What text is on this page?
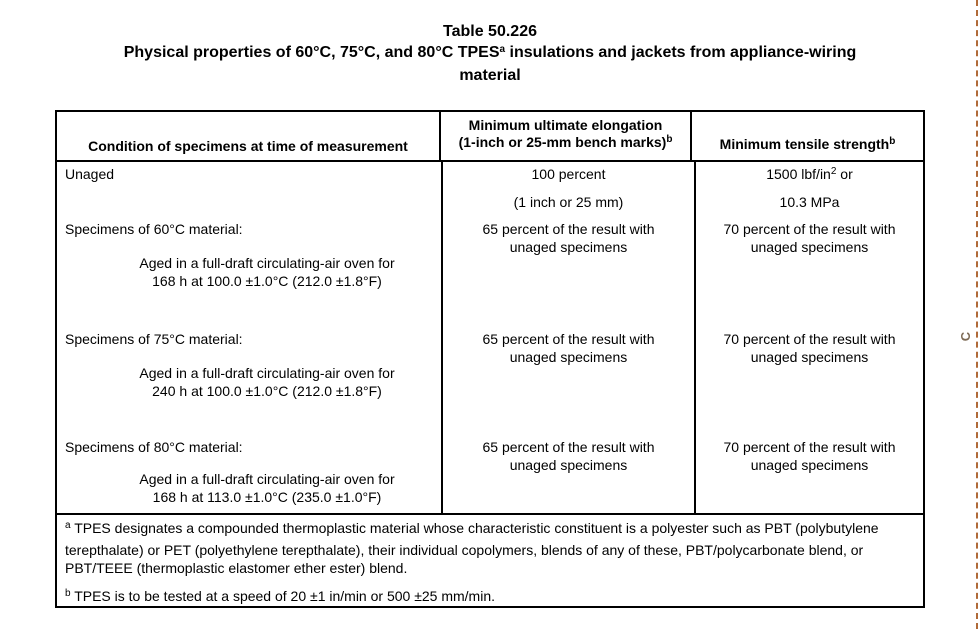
Table 50.226
Physical properties of 60°C, 75°C, and 80°C TPES$^a$ insulations and jackets from appliance-wiring
material
Condition of specimens at time of measurement
Minimum ultimate elongation
(1-inch or 25-mm bench marks)$^b$	Minimum tensile strength$^b$
Unaged	100 percent
(1 inch or 25 mm)
1500 lbf/$in^2$ or
10.3 MPa
Specimens of 60°C material:
Aged in a full-draft circulating-air oven for
168 h at 100.0 ±1.0°C (212.0 ±1.8°F)
65 percent of the result with
unaged specimens
70 percent of the result with
unaged specimens
Specimens of 75°C material:
Aged in a full-draft circulating-air oven for
240 h at 100.0 ±1.0°C (212.0 ±1.8°F)
65 percent of the result with
unaged specimens
70 percent of the result with
unaged specimens
Specimens of 80°C material:
Aged in a full-draft circulating-air oven for
168 h at 113.0 ±1.0°C (235.0 ±1.0°F)
65 percent of the result with
unaged specimens
70 percent of the result with
unaged specimens
$^a$ TPES designates a compounded thermoplastic material whose characteristic constituent is a polyester such as PBT (polybutylene terepthalate) or PET (polyethylene terepthalate), their individual copolymers, blends of any of these, PBT/polycarbonate blend, or PBT/TEEE (thermoplastic elastomer ether ester) blend.
$^b$ TPES is to be tested at a speed of 20 ±1 in/min or 500 ±25 mm/min.
C
